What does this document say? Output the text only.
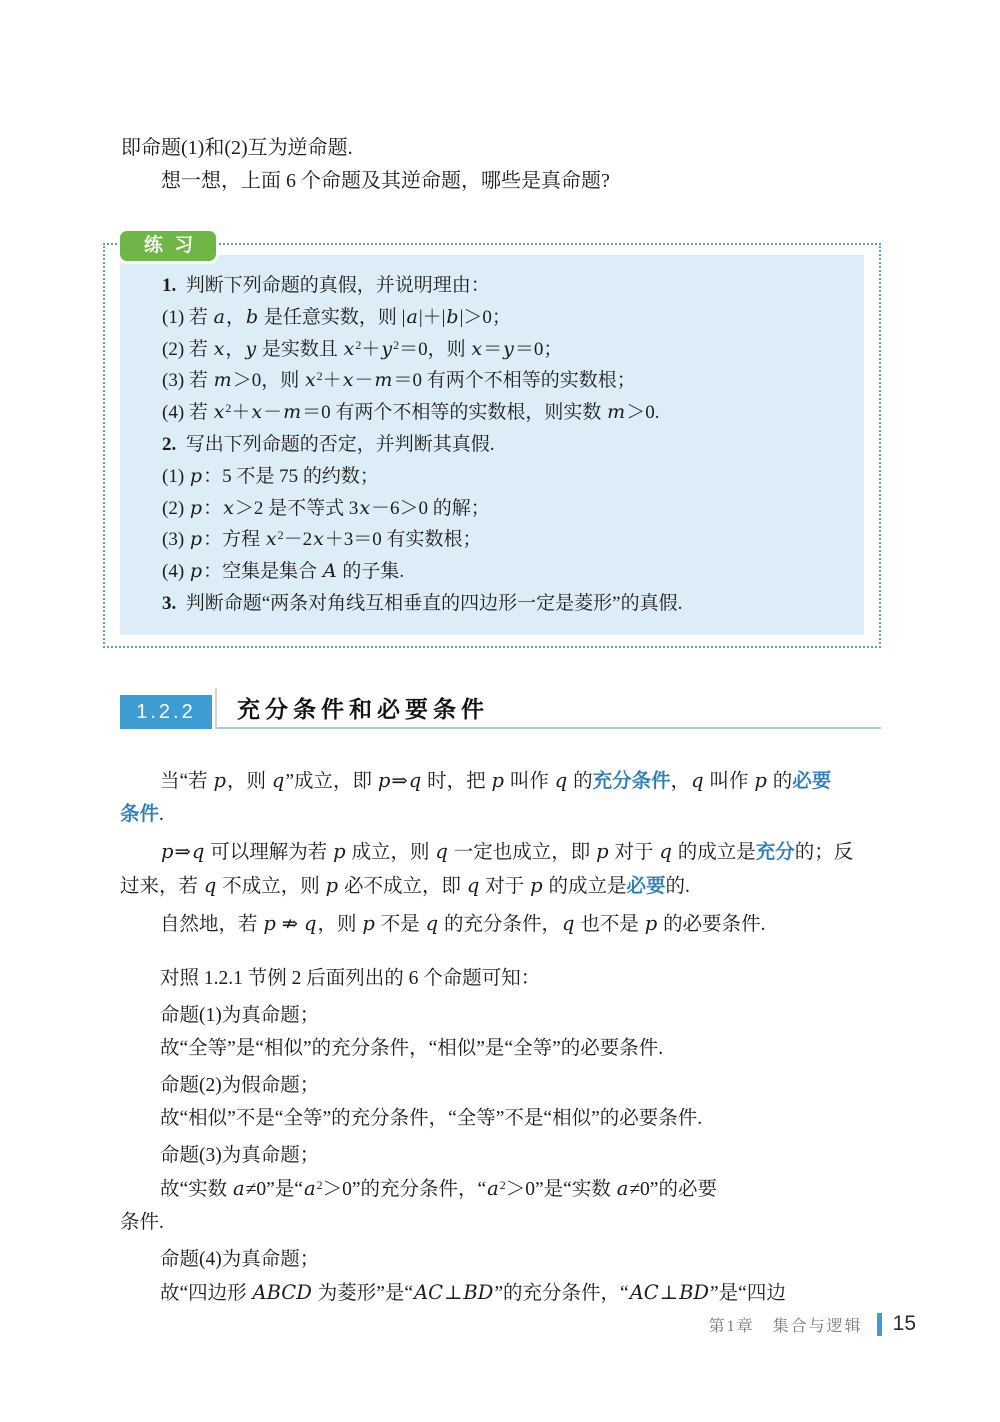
即命题(1)和(2)互为逆命题.
想一想，上面 6 个命题及其逆命题，哪些是真命题?
练 习
1.  判断下列命题的真假，并说明理由：
(1) 若 a，b 是任意实数，则 |a|＋|b|＞0；
(2) 若 x，y 是实数且 $x^2+y^2=0$，则 x＝y＝0；
(3) 若 m＞0，则 $x^2+x-m=0$ 有两个不相等的实数根；
(4) 若 $x^2+x-m=0$ 有两个不相等的实数根，则实数 m＞0.
2.  写出下列命题的否定，并判断其真假.
(1) p：5 不是 75 的约数；
(2) p：x＞2 是不等式 3x－6＞0 的解；
(3) p：方程 $x^2-2x+3=0$ 有实数根；
(4) p：空集是集合 A 的子集.
3.  判断命题“两条对角线互相垂直的四边形一定是菱形”的真假.
1.2.2	充分条件和必要条件
当“若 p，则 q”成立，即 p⇒q 时，把 p 叫作 q 的充分条件，q 叫作 p 的必要
条件.
p⇒q 可以理解为若 p 成立，则 q 一定也成立，即 p 对于 q 的成立是充分的；反
过来，若 q 不成立，则 p 必不成立，即 q 对于 p 的成立是必要的.
自然地，若 p ⇏ q，则 p 不是 q 的充分条件，q 也不是 p 的必要条件.
对照 1.2.1 节例 2 后面列出的 6 个命题可知：
命题(1)为真命题；
故“全等”是“相似”的充分条件，“相似”是“全等”的必要条件.
命题(2)为假命题；
故“相似”不是“全等”的充分条件，“全等”不是“相似”的必要条件.
命题(3)为真命题；
故“实数 a≠0”是“$a^2>0$”的充分条件，“$a^2>0$”是“实数 a≠0”的必要
条件.
命题(4)为真命题；
故“四边形 ABCD 为菱形”是“AC⊥BD”的充分条件，“AC⊥BD”是“四边
第1章　集合与逻辑 15
